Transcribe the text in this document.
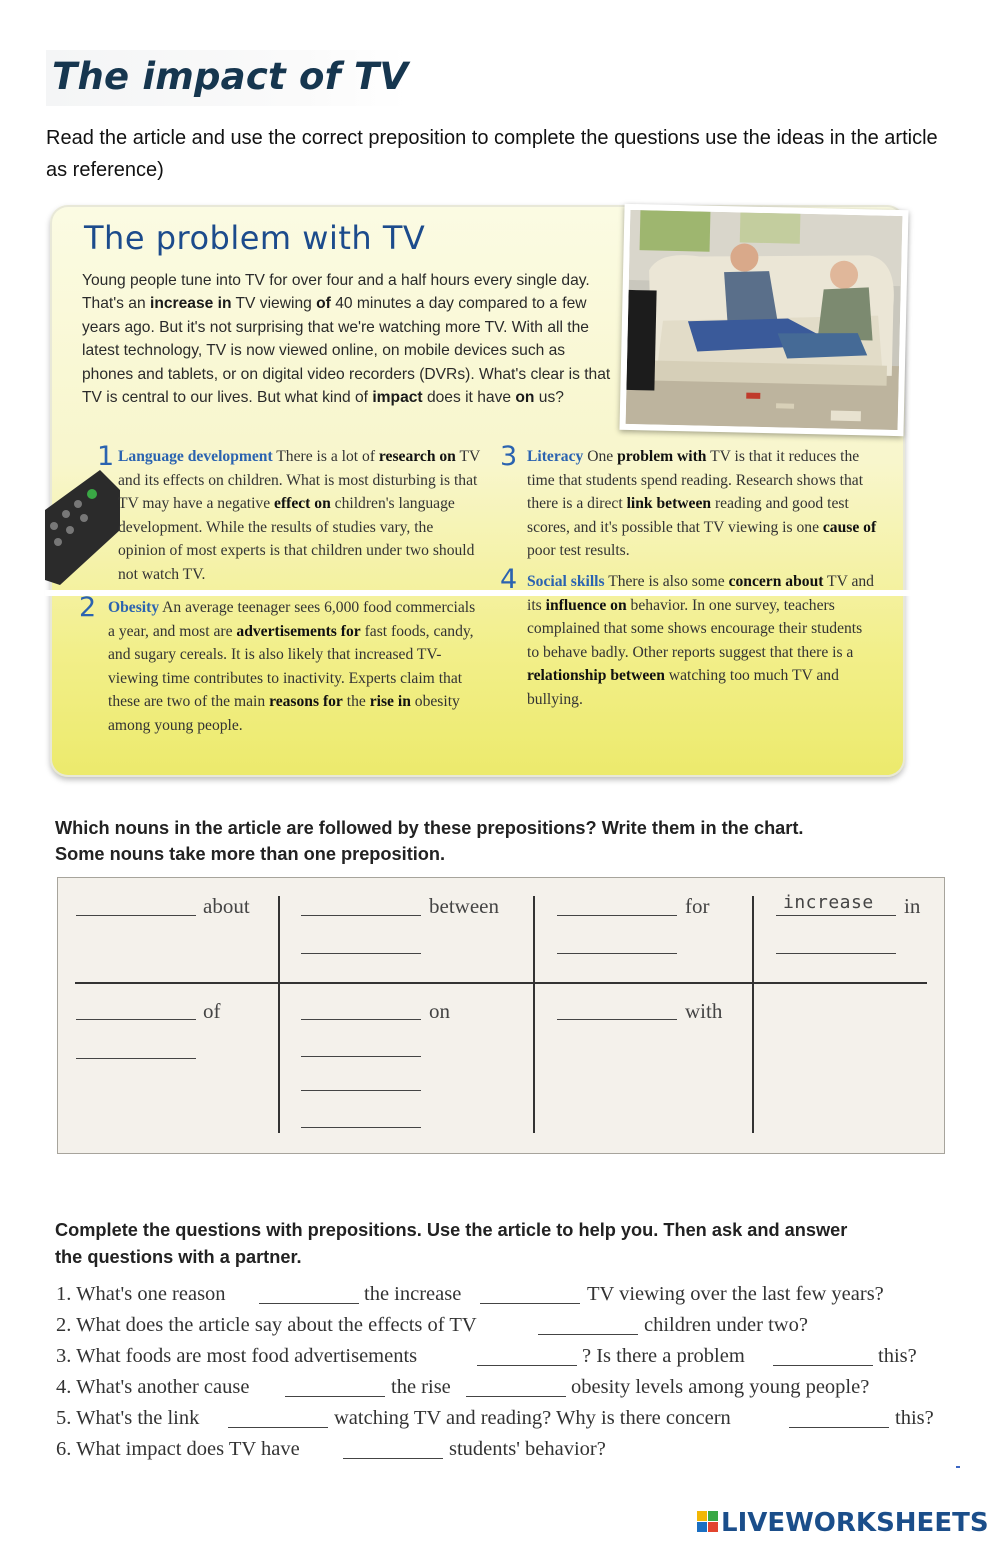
The impact of TV
Read the article and use the correct preposition to complete the questions use the ideas in the article as reference)
The problem with TV
Young people tune into TV for over four and a half hours every single day. That's an increase in TV viewing of 40 minutes a day compared to a few years ago. But it's not surprising that we're watching more TV. With all the latest technology, TV is now viewed online, on mobile devices such as phones and tablets, or on digital video recorders (DVRs). What's clear is that TV is central to our lives. But what kind of impact does it have on us?
1 Language development There is a lot of research on TV and its effects on children. What is most disturbing is that TV may have a negative effect on children's language development. While the results of studies vary, the opinion of most experts is that children under two should not watch TV.
2 Obesity An average teenager sees 6,000 food commercials a year, and most are advertisements for fast foods, candy, and sugary cereals. It is also likely that increased TV-viewing time contributes to inactivity. Experts claim that these are two of the main reasons for the rise in obesity among young people.
3 Literacy One problem with TV is that it reduces the time that students spend reading. Research shows that there is a direct link between reading and good test scores, and it's possible that TV viewing is one cause of poor test results.
4 Social skills There is also some concern about TV and its influence on behavior. In one survey, teachers complained that some shows encourage their students to behave badly. Other reports suggest that there is a relationship between watching too much TV and bullying.
Which nouns in the article are followed by these prepositions? Write them in the chart.
Some nouns take more than one preposition.
about	between	for	increase in
of	on	with
Complete the questions with prepositions. Use the article to help you. Then ask and answer
the questions with a partner.
1. What's one reason	the increase	TV viewing over the last few years?
2. What does the article say about the effects of TV	children under two?
3. What foods are most food advertisements	? Is there a problem	this?
4. What's another cause	the rise	obesity levels among young people?
5. What's the link	watching TV and reading? Why is there concern	this?
6. What impact does TV have	students' behavior?
LIVEWORKSHEETS
